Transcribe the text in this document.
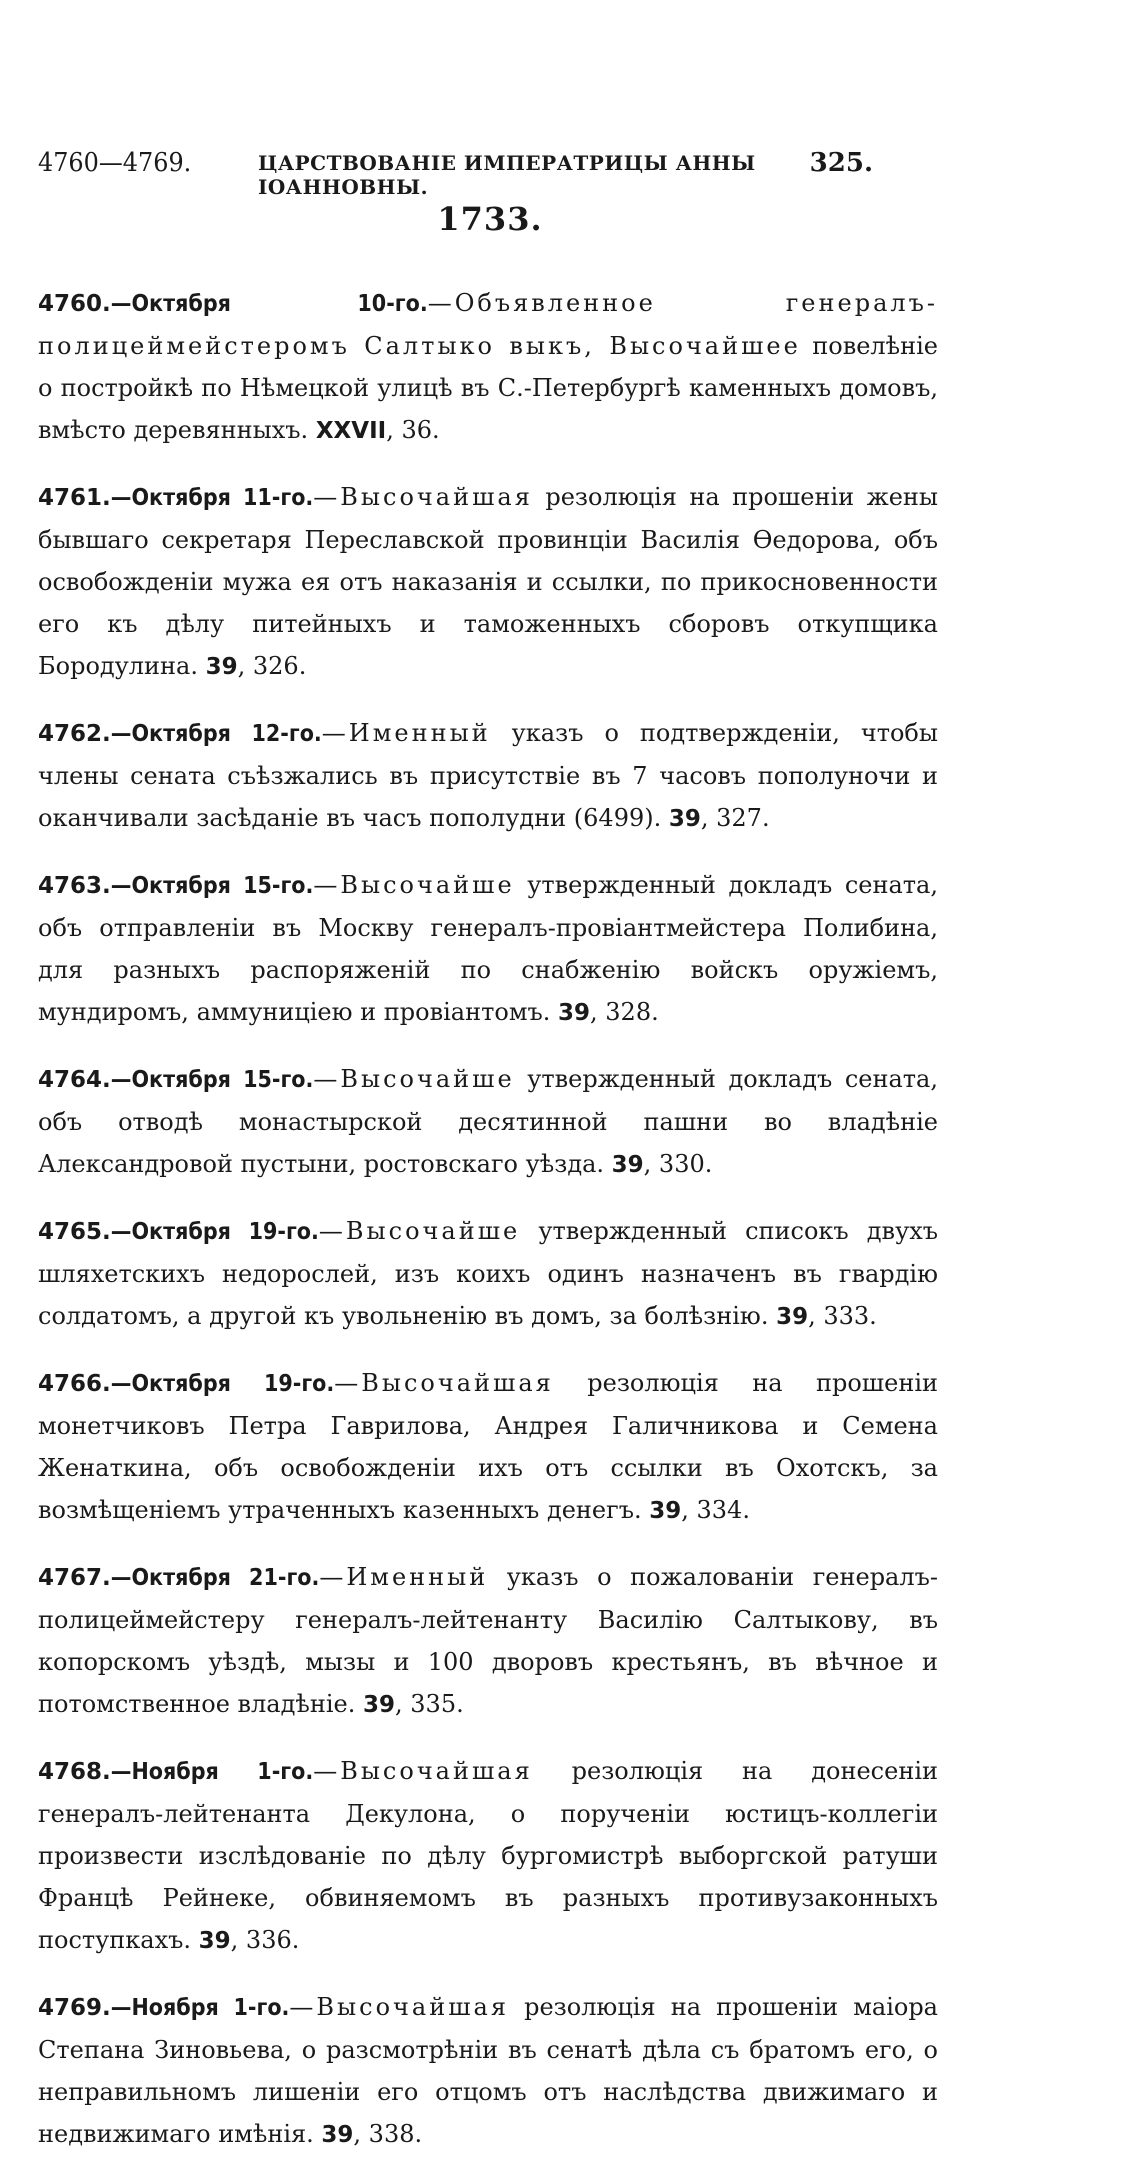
4760—4769.	ЦАРСТВОВАНІЕ ИМПЕРАТРИЦЫ АННЫ ІОАННОВНЫ.
325.
1733.

4760.—Октября 10-го.—Объявленное генералъ-полицеймейстеромъ Салтыко выкъ, Высочайшее повелѣніе о постройкѣ по Нѣмецкой улицѣ въ С.-Петербургѣ каменныхъ домовъ, вмѣсто деревянныхъ. XXVII, 36.

4761.—Октября 11-го.—Высочайшая резолюція на прошеніи жены бывшаго секретаря Переславской провинціи Василія Өедорова, объ освобожденіи мужа ея отъ наказанія и ссылки, по прикосновенности его къ дѣлу питейныхъ и таможенныхъ сборовъ откупщика Бородулина. 39, 326.

4762.—Октября 12-го.—Именный указъ о подтвержденіи, чтобы члены сената съѣзжались въ присутствіе въ 7 часовъ пополуночи и оканчивали засѣданіе въ часъ пополудни (6499). 39, 327.

4763.—Октября 15-го.—Высочайше утвержденный докладъ сената, объ отправленіи въ Москву генералъ-провіантмейстера Полибина, для разныхъ распоряженій по снабженію войскъ оружіемъ, мундиромъ, аммуниціею и провіантомъ. 39, 328.

4764.—Октября 15-го.—Высочайше утвержденный докладъ сената, объ отводѣ монастырской десятинной пашни во владѣніе Александровой пустыни, ростовскаго уѣзда. 39, 330.

4765.—Октября 19-го.—Высочайше утвержденный списокъ двухъ шляхетскихъ недорослей, изъ коихъ одинъ назначенъ въ гвардію солдатомъ, а другой къ увольненію въ домъ, за болѣзнію. 39, 333.

4766.—Октября 19-го.—Высочайшая резолюція на прошеніи монетчиковъ Петра Гаврилова, Андрея Галичникова и Семена Женаткина, объ освобожденіи ихъ отъ ссылки въ Охотскъ, за возмѣщеніемъ утраченныхъ казенныхъ денегъ. 39, 334.

4767.—Октября 21-го.—Именный указъ о пожалованіи генералъ-полицеймейстеру генералъ-лейтенанту Василію Салтыкову, въ копорскомъ уѣздѣ, мызы и 100 дворовъ крестьянъ, въ вѣчное и потомственное владѣніе. 39, 335.

4768.—Ноября 1-го.—Высочайшая резолюція на донесеніи генералъ-лейтенанта Декулона, о порученіи юстицъ-коллегіи произвести изслѣдованіе по дѣлу бургомистрѣ выборгской ратуши Францѣ Рейнеке, обвиняемомъ въ разныхъ противузаконныхъ поступкахъ. 39, 336.

4769.—Ноября 1-го.—Высочайшая резолюція на прошеніи маіора Степана Зиновьева, о разсмотрѣніи въ сенатѣ дѣла съ братомъ его, о неправильномъ лишеніи его отцомъ отъ наслѣдства движимаго и недвижимаго имѣнія. 39, 338.
